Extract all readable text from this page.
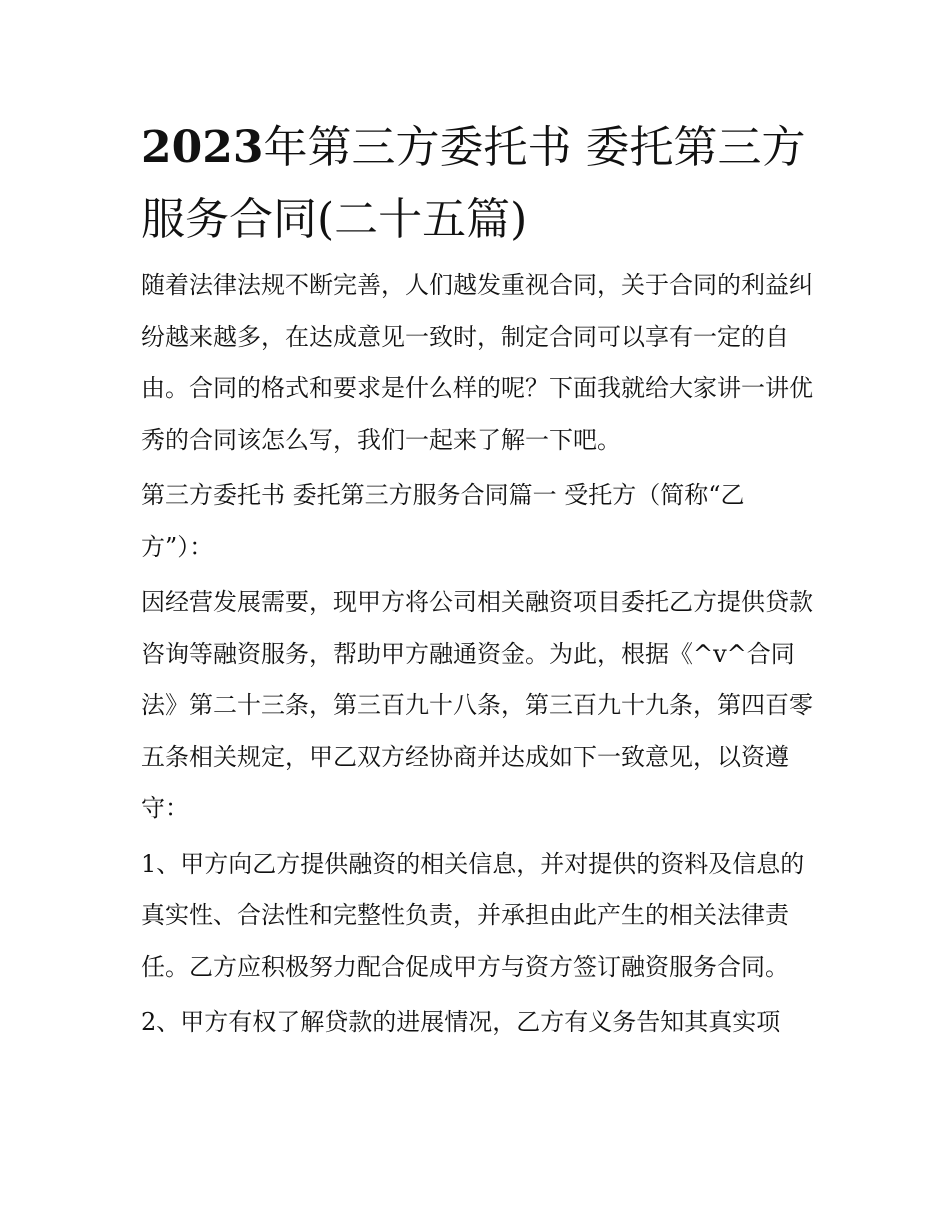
2023年第三方委托书 委托第三方服务合同(二十五篇)

随着法律法规不断完善，人们越发重视合同，关于合同的利益纠纷越来越多，在达成意见一致时，制定合同可以享有一定的自由。合同的格式和要求是什么样的呢？下面我就给大家讲一讲优秀的合同该怎么写，我们一起来了解一下吧。

第三方委托书 委托第三方服务合同篇一 受托方（简称“乙方”）：

因经营发展需要，现甲方将公司相关融资项目委托乙方提供贷款咨询等融资服务，帮助甲方融通资金。为此，根据《^v^合同法》第二十三条，第三百九十八条，第三百九十九条，第四百零五条相关规定，甲乙双方经协商并达成如下一致意见，以资遵守：

1、甲方向乙方提供融资的相关信息，并对提供的资料及信息的真实性、合法性和完整性负责，并承担由此产生的相关法律责任。乙方应积极努力配合促成甲方与资方签订融资服务合同。

2、甲方有权了解贷款的进展情况，乙方有义务告知其真实项
